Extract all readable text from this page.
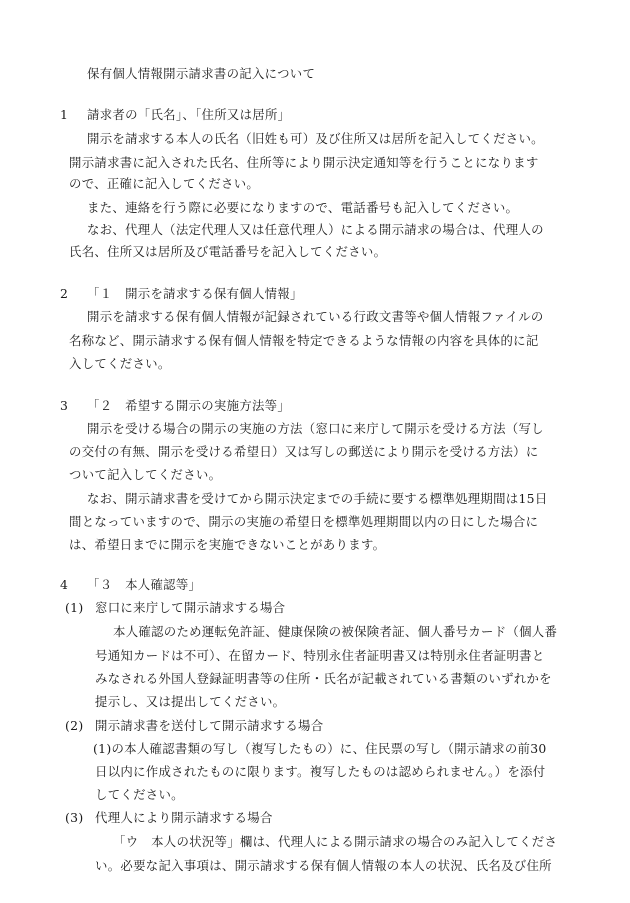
保有個人情報開示請求書の記入について
1 請求者の「氏名」、「住所又は居所」
開示を請求する本人の氏名（旧姓も可）及び住所又は居所を記入してください。
開示請求書に記入された氏名、住所等により開示決定通知等を行うことになります
ので、正確に記入してください。
また、連絡を行う際に必要になりますので、電話番号も記入してください。
なお、代理人（法定代理人又は任意代理人）による開示請求の場合は、代理人の
氏名、住所又は居所及び電話番号を記入してください。
2 「１　開示を請求する保有個人情報」
開示を請求する保有個人情報が記録されている行政文書等や個人情報ファイルの
名称など、開示請求する保有個人情報を特定できるような情報の内容を具体的に記
入してください。
3 「２　希望する開示の実施方法等」
開示を受ける場合の開示の実施の方法（窓口に来庁して開示を受ける方法（写し
の交付の有無、開示を受ける希望日）又は写しの郵送により開示を受ける方法）に
ついて記入してください。
なお、開示請求書を受けてから開示決定までの手続に要する標準処理期間は15日
間となっていますので、開示の実施の希望日を標準処理期間以内の日にした場合に
は、希望日までに開示を実施できないことがあります。
4 「３　本人確認等」
(1) 窓口に来庁して開示請求する場合
本人確認のため運転免許証、健康保険の被保険者証、個人番号カード（個人番
号通知カードは不可）、在留カード、特別永住者証明書又は特別永住者証明書と
みなされる外国人登録証明書等の住所・氏名が記載されている書類のいずれかを
提示し、又は提出してください。
(2) 開示請求書を送付して開示請求する場合
(1)の本人確認書類の写し（複写したもの）に、住民票の写し（開示請求の前30
日以内に作成されたものに限ります。複写したものは認められません。）を添付
してください。
(3) 代理人により開示請求する場合
「ウ　本人の状況等」欄は、代理人による開示請求の場合のみ記入してくださ
い。必要な記入事項は、開示請求する保有個人情報の本人の状況、氏名及び住所
